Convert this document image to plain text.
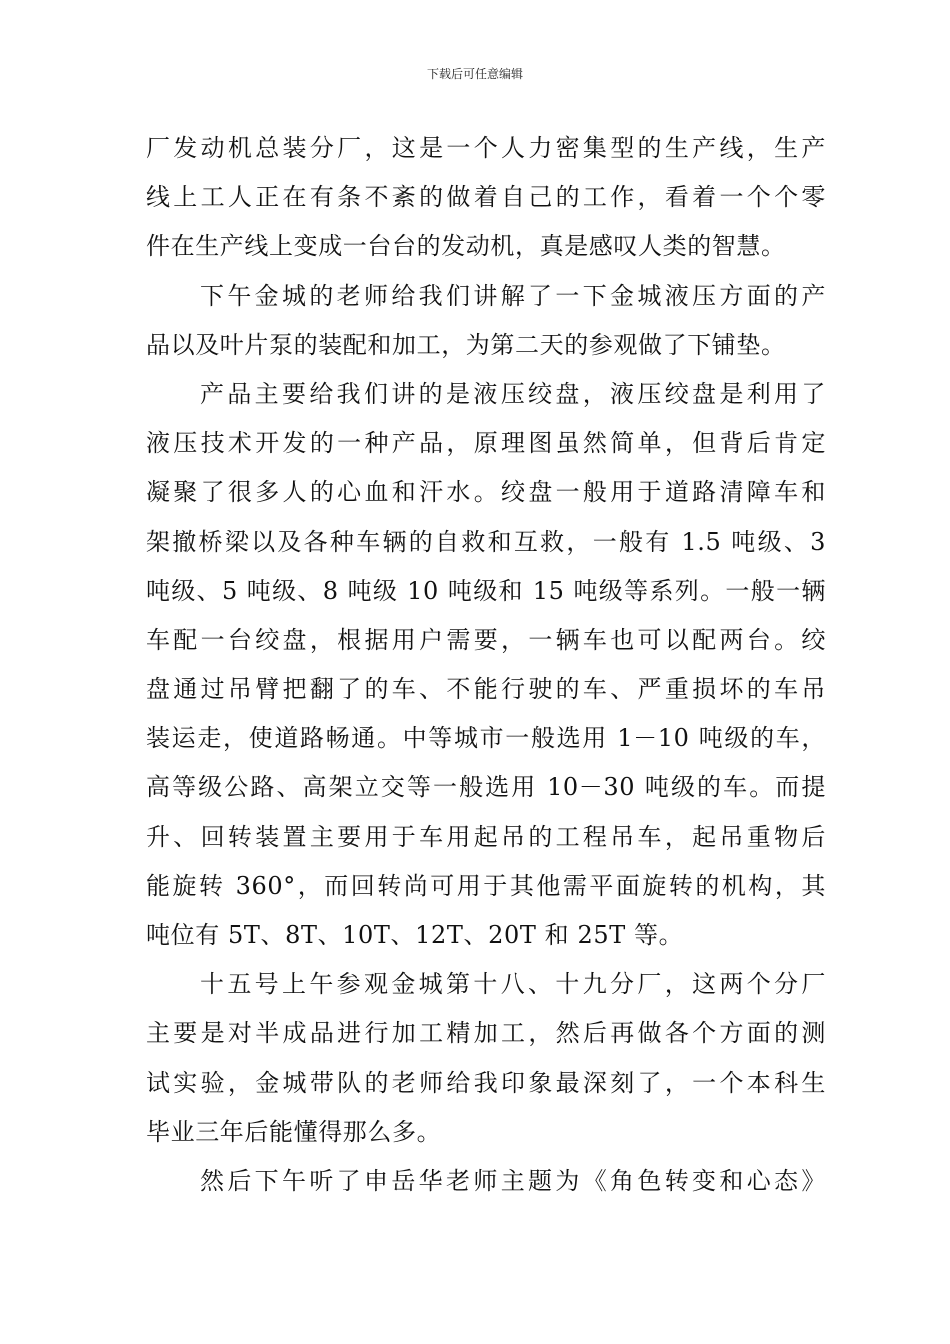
下载后可任意编辑
厂发动机总装分厂，这是一个人力密集型的生产线，生产
线上工人正在有条不紊的做着自己的工作，看着一个个零
件在生产线上变成一台台的发动机，真是感叹人类的智慧。
下午金城的老师给我们讲解了一下金城液压方面的产
品以及叶片泵的装配和加工，为第二天的参观做了下铺垫。
产品主要给我们讲的是液压绞盘，液压绞盘是利用了
液压技术开发的一种产品，原理图虽然简单，但背后肯定
凝聚了很多人的心血和汗水。绞盘一般用于道路清障车和
架撤桥梁以及各种车辆的自救和互救，一般有 1.5 吨级、3
吨级、5 吨级、8 吨级 10 吨级和 15 吨级等系列。一般一辆
车配一台绞盘，根据用户需要，一辆车也可以配两台。绞
盘通过吊臂把翻了的车、不能行驶的车、严重损坏的车吊
装运走，使道路畅通。中等城市一般选用 1－10 吨级的车，
高等级公路、高架立交等一般选用 10－30 吨级的车。而提
升、回转装置主要用于车用起吊的工程吊车，起吊重物后
能旋转 360°，而回转尚可用于其他需平面旋转的机构，其
吨位有 5T、8T、10T、12T、20T 和 25T 等。
十五号上午参观金城第十八、十九分厂，这两个分厂
主要是对半成品进行加工精加工，然后再做各个方面的测
试实验，金城带队的老师给我印象最深刻了，一个本科生
毕业三年后能懂得那么多。
然后下午听了申岳华老师主题为《角色转变和心态》
